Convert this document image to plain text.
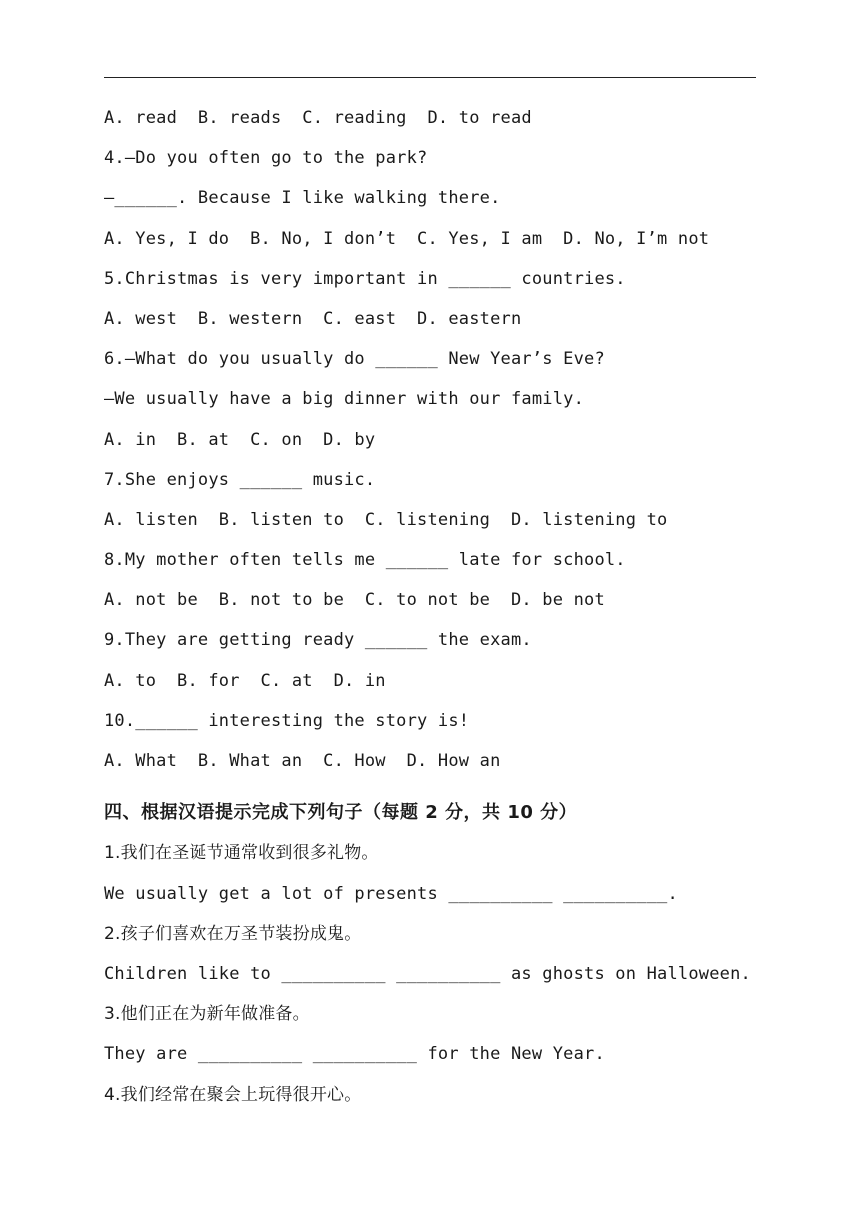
A. read  B. reads  C. reading  D. to read
4.—Do you often go to the park?
—______. Because I like walking there.
A. Yes, I do  B. No, I don’t  C. Yes, I am  D. No, I’m not
5.Christmas is very important in ______ countries.
A. west  B. western  C. east  D. eastern
6.—What do you usually do ______ New Year’s Eve?
—We usually have a big dinner with our family.
A. in  B. at  C. on  D. by
7.She enjoys ______ music.
A. listen  B. listen to  C. listening  D. listening to
8.My mother often tells me ______ late for school.
A. not be  B. not to be  C. to not be  D. be not
9.They are getting ready ______ the exam.
A. to  B. for  C. at  D. in
10.______ interesting the story is!
A. What  B. What an  C. How  D. How an
四、根据汉语提示完成下列句子（每题 2 分，共 10 分）
1.我们在圣诞节通常收到很多礼物。
We usually get a lot of presents __________ __________.
2.孩子们喜欢在万圣节装扮成鬼。
Children like to __________ __________ as ghosts on Halloween.
3.他们正在为新年做准备。
They are __________ __________ for the New Year.
4.我们经常在聚会上玩得很开心。
